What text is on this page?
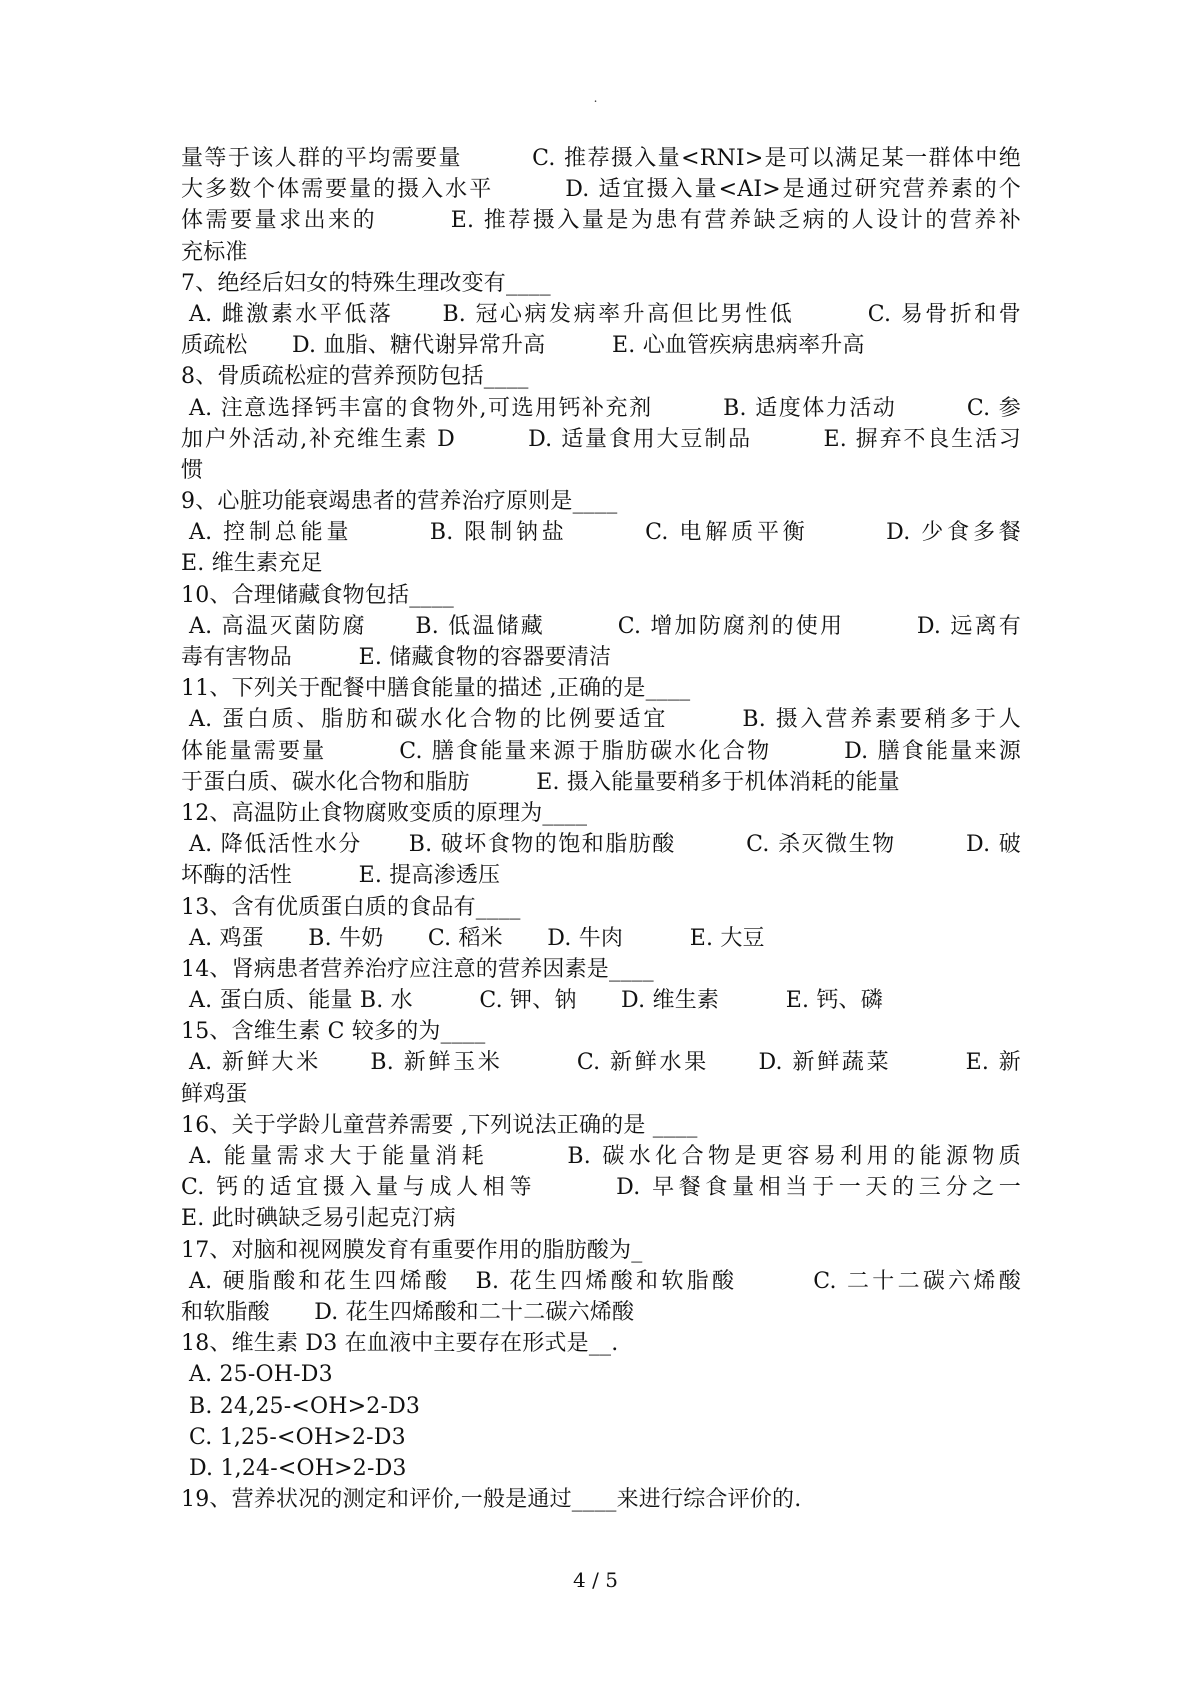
.
量等于该人群的平均需要量　　　C. 推荐摄入量<RNI>是可以满足某一群体中绝
大多数个体需要量的摄入水平　　　D. 适宜摄入量<AI>是通过研究营养素的个
体需要量求出来的　　　E. 推荐摄入量是为患有营养缺乏病的人设计的营养补
充标准
7、绝经后妇女的特殊生理改变有____
A. 雌激素水平低落　　B. 冠心病发病率升高但比男性低　　　C. 易骨折和骨
质疏松　　D. 血脂、糖代谢异常升高　　　E. 心血管疾病患病率升高
8、骨质疏松症的营养预防包括____
A. 注意选择钙丰富的食物外,可选用钙补充剂　　　B. 适度体力活动　　　C. 参
加户外活动,补充维生素 D　　　D. 适量食用大豆制品　　　E. 摒弃不良生活习
惯
9、心脏功能衰竭患者的营养治疗原则是____
A. 控制总能量　　　B. 限制钠盐　　　C. 电解质平衡　　　D. 少食多餐
E. 维生素充足
10、合理储藏食物包括____
A. 高温灭菌防腐　　B. 低温储藏　　　C. 增加防腐剂的使用　　　D. 远离有
毒有害物品　　　E. 储藏食物的容器要清洁
11、下列关于配餐中膳食能量的描述 ,正确的是____
A. 蛋白质、脂肪和碳水化合物的比例要适宜　　　B. 摄入营养素要稍多于人
体能量需要量　　　C. 膳食能量来源于脂肪碳水化合物　　　D. 膳食能量来源
于蛋白质、碳水化合物和脂肪　　　E. 摄入能量要稍多于机体消耗的能量
12、高温防止食物腐败变质的原理为____
A. 降低活性水分　　B. 破坏食物的饱和脂肪酸　　　C. 杀灭微生物　　　D. 破
坏酶的活性　　　E. 提高渗透压
13、含有优质蛋白质的食品有____
A. 鸡蛋　　B. 牛奶　　C. 稻米　　D. 牛肉　　　E. 大豆
14、肾病患者营养治疗应注意的营养因素是____
A. 蛋白质、能量 B. 水　　　C. 钾、钠　　D. 维生素　　　E. 钙、磷
15、含维生素 C 较多的为____
A. 新鲜大米　　B. 新鲜玉米　　　C. 新鲜水果　　D. 新鲜蔬菜　　　E. 新
鲜鸡蛋
16、关于学龄儿童营养需要 ,下列说法正确的是 ____
A. 能量需求大于能量消耗　　　B. 碳水化合物是更容易利用的能源物质
C. 钙的适宜摄入量与成人相等　　　D. 早餐食量相当于一天的三分之一
E. 此时碘缺乏易引起克汀病
17、对脑和视网膜发育有重要作用的脂肪酸为_
A. 硬脂酸和花生四烯酸　B. 花生四烯酸和软脂酸　　　C. 二十二碳六烯酸
和软脂酸　　D. 花生四烯酸和二十二碳六烯酸
18、维生素 D3 在血液中主要存在形式是__.
A. 25-OH-D3
B. 24,25-<OH>2-D3
C. 1,25-<OH>2-D3
D. 1,24-<OH>2-D3
19、营养状况的测定和评价,一般是通过____来进行综合评价的.
4 / 5
